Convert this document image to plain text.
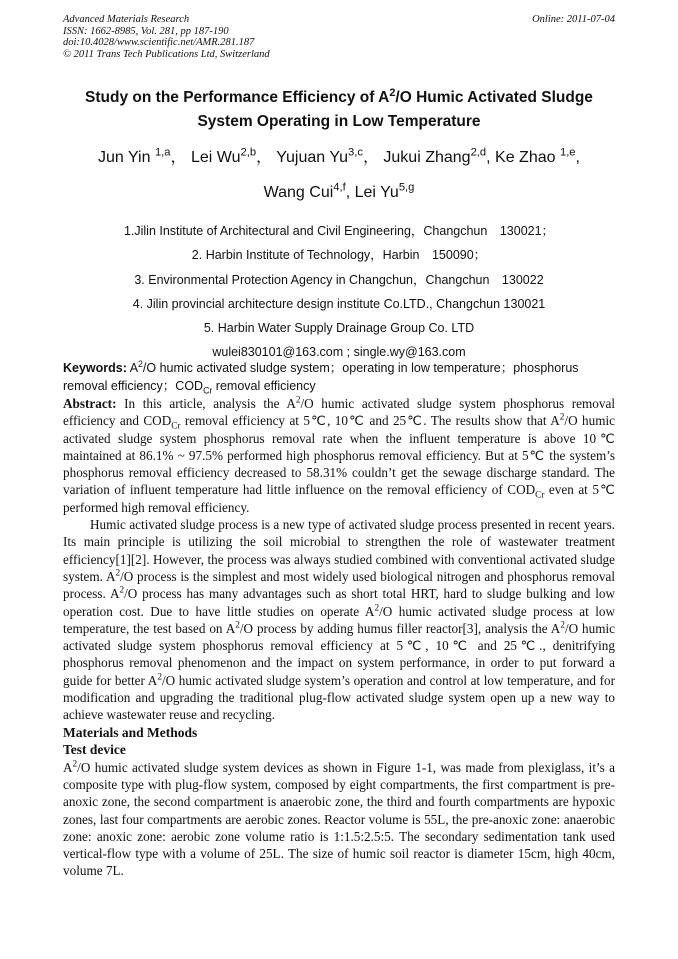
Advanced Materials Research
ISSN: 1662-8985, Vol. 281, pp 187-190
doi:10.4028/www.scientific.net/AMR.281.187
© 2011 Trans Tech Publications Ltd, Switzerland
Online: 2011-07-04
Study on the Performance Efficiency of $A^2/O$ Humic Activated Sludge
System Operating in Low Temperature
Jun Yin $^{1,a}$， Lei Wu$^{2,b}$， Yujuan Yu$^{3,c}$， Jukui Zhang$^{2,d}$, Ke Zhao $^{1,e}$,
Wang Cui$^{4,f}$, Lei Yu$^{5,g}$
1.Jilin Institute of Architectural and Civil Engineering，Changchun　130021；
2. Harbin Institute of Technology，Harbin　150090；
3. Environmental Protection Agency in Changchun，Changchun　130022
4. Jilin provincial architecture design institute Co.LTD., Changchun 130021
5. Harbin Water Supply Drainage Group Co. LTD
wulei830101@163.com ; single.wy@163.com
Keywords: $A^2/O$ humic activated sludge system；operating in low temperature；phosphorus removal efficiency；$COD_{Cr}$ removal efficiency

Abstract: In this article, analysis the $A^2/O$ humic activated sludge system phosphorus removal efficiency and $COD_{Cr}$ removal efficiency at 5℃, 10℃ and 25℃. The results show that $A^2/O$ humic activated sludge system phosphorus removal rate when the influent temperature is above 10℃ maintained at 86.1% ~ 97.5% performed high phosphorus removal efficiency. But at 5℃ the system’s phosphorus removal efficiency decreased to 58.31% couldn’t get the sewage discharge standard. The variation of influent temperature had little influence on the removal efficiency of $COD_{Cr}$ even at 5℃ performed high removal efficiency.

Humic activated sludge process is a new type of activated sludge process presented in recent years. Its main principle is utilizing the soil microbial to strengthen the role of wastewater treatment efficiency[1][2]. However, the process was always studied combined with conventional activated sludge system. $A^2/O$ process is the simplest and most widely used biological nitrogen and phosphorus removal process. $A^2/O$ process has many advantages such as short total HRT, hard to sludge bulking and low operation cost. Due to have little studies on operate $A^2/O$ humic activated sludge process at low temperature, the test based on $A^2/O$ process by adding humus filler reactor[3], analysis the $A^2/O$ humic activated sludge system phosphorus removal efficiency at 5℃, 10℃ and 25℃., denitrifying phosphorus removal phenomenon and the impact on system performance, in order to put forward a guide for better $A^2/O$ humic activated sludge system’s operation and control at low temperature, and for modification and upgrading the traditional plug-flow activated sludge system open up a new way to achieve wastewater reuse and recycling.

Materials and Methods
Test device

$A^2/O$ humic activated sludge system devices as shown in Figure 1-1, was made from plexiglass, it’s a composite type with plug-flow system, composed by eight compartments, the first compartment is pre-anoxic zone, the second compartment is anaerobic zone, the third and fourth compartments are hypoxic zones, last four compartments are aerobic zones. Reactor volume is 55L, the pre-anoxic zone: anaerobic zone: anoxic zone: aerobic zone volume ratio is 1:1.5:2.5:5. The secondary sedimentation tank used vertical-flow type with a volume of 25L. The size of humic soil reactor is diameter 15cm, high 40cm, volume 7L.
